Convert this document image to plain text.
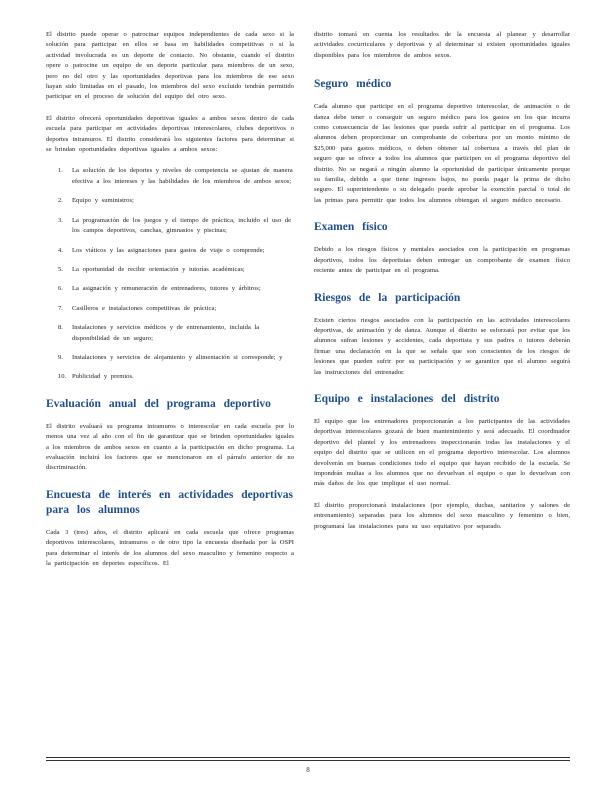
El distrito puede operar o patrocinar equipos independientes de cada sexo si la solución para participar en ellos se basa en habilidades competitivas o si la actividad involucrada es un deporte de contacto. No obstante, cuando el distrito opere o patrocine un equipo de un deporte particular para miembros de un sexo, pero no del otro y las oportunidades deportivas para los miembros de ese sexo hayan sido limitadas en el pasado, los miembros del sexo excluido tendrán permitido participar en el proceso de solución del equipo del otro sexo.

El distrito ofrecerá oportunidades deportivas iguales a ambos sexos dentro de cada escuela para participar en actividades deportivas interescolares, clubes deportivos o deportes intramuros. El distrito considerará los siguientes factores para determinar si se brindan oportunidades deportivas iguales a ambos sexos:

1. La solución de los deportes y niveles de competencia se ajustan de manera efectiva a los intereses y las habilidades de los miembros de ambos sexos;
2. Equipo y suministros;
3. La programación de los juegos y el tiempo de práctica, incluido el uso de los campos deportivos, canchas, gimnasios y piscinas;
4. Los viáticos y las asignaciones para gastos de viaje o comprende;
5. La oportunidad de recibir orientación y tutorías académicas;
6. La asignación y remuneración de entrenadores, tutores y árbitros;
7. Casilleros e instalaciones competitivas de práctica;
8. Instalaciones y servicios médicos y de entrenamiento, incluida la disponibilidad de un seguro;
9. Instalaciones y servicios de alojamiento y alimentación si corresponde; y
10. Publicidad y premios.
Evaluación anual del programa deportivo

El distrito evaluará su programa intramuros o interescolar en cada escuela por lo menos una vez al año con el fin de garantizar que se brinden oportunidades iguales a los miembros de ambos sexos en cuanto a la participación en dicho programa. La evaluación incluirá los factores que se mencionaron en el párrafo anterior de no discriminación.

Encuesta de interés en actividades deportivas para los alumnos

Cada 3 (tres) años, el distrito aplicará en cada escuela que ofrece programas deportivos interescolares, intramuros o de otro tipo la encuesta diseñada por la OSPI para determinar el interés de los alumnos del sexo masculino y femenino respecto a la participación en deportes específicos. El

distrito tomará en cuenta los resultados de la encuesta al planear y desarrollar actividades cocurriculares y deportivas y al determinar si existen oportunidades iguales disponibles para los miembros de ambos sexos.

Seguro médico

Cada alumno que participe en el programa deportivo interescolar, de animación o de danza debe tener o conseguir un seguro médico para los gastos en los que incurra como consecuencia de las lesiones que pueda sufrir al participar en el programa. Los alumnos deben proporcionar un comprobante de cobertura por un monto mínimo de $25,000 para gastos médicos, o deben obtener tal cobertura a través del plan de seguro que se ofrece a todos los alumnos que participen en el programa deportivo del distrito. No se negará a ningún alumno la oportunidad de participar únicamente porque su familia, debido a que tiene ingresos bajos, no pueda pagar la prima de dicho seguro. El superintendente o su delegado puede aprobar la exención parcial o total de las primas para permitir que todos los alumnos obtengan el seguro médico necesario.

Examen físico

Debido a los riesgos físicos y mentales asociados con la participación en programas deportivos, todos los deportistas deben entregar un comprobante de examen físico reciente antes de participar en el programa.

Riesgos de la participación

Existen ciertos riesgos asociados con la participación en las actividades interescolares deportivas, de animación y de danza. Aunque el distrito se esforzará por evitar que los alumnos sufran lesiones y accidentes, cada deportista y sus padres o tutores deberán firmar una declaración en la que se señale que son conscientes de los riesgos de lesiones que pueden sufrir por su participación y se garantice que el alumno seguirá las instrucciones del entrenador.

Equipo e instalaciones del distrito

El equipo que los entrenadores proporcionarán a los participantes de las actividades deportivas interescolares gozará de buen mantenimiento y será adecuado. El coordinador deportivo del plantel y los entrenadores inspeccionarán todas las instalaciones y el equipo del distrito que se utilicen en el programa deportivo interescolar. Los alumnos devolverán en buenas condiciones todo el equipo que hayan recibido de la escuela. Se impondrán multas a los alumnos que no devuelvan el equipo o que lo devuelvan con más daños de los que implique el uso normal.

El distrito proporcionará instalaciones (por ejemplo, duchas, sanitarios y salones de entrenamiento) separadas para los alumnos del sexo masculino y femenino o bien, programará las instalaciones para su uso equitativo por separado.

8
